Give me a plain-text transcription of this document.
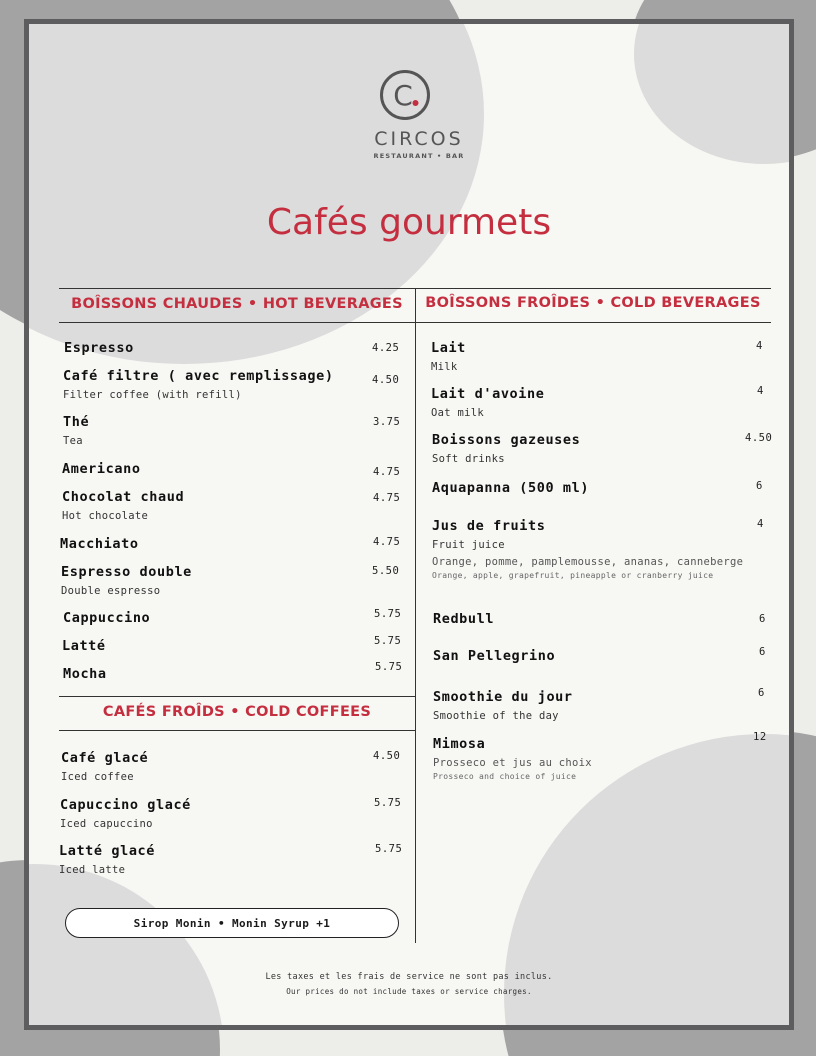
C
CIRCOS
RESTAURANT • BAR
Cafés gourmets
BOÎSSONS CHAUDES • HOT BEVERAGES	BOÎSSONS FROÎDES • COLD BEVERAGES
CAFÉS FROÎDS • COLD COFFEES
Espresso	4.25
Café filtre ( avec remplissage)
Filter coffee (with refill)
4.50
Thé
Tea
3.75
Americano	4.75
Chocolat chaud
Hot chocolate
4.75
Macchiato	4.75
Espresso double
Double espresso
5.50
Cappuccino	5.75
Latté	5.75
Mocha	5.75
Café glacé
Iced coffee
4.50
Capuccino glacé
Iced capuccino
5.75
Latté glacé
Iced latte
5.75
Sirop Monin • Monin Syrup +1
Lait
Milk
4
Lait d'avoine
Oat milk
4
Boissons gazeuses
Soft drinks
4.50
Aquapanna (500 ml)	6
Jus de fruits
Fruit juice
Orange, pomme, pamplemousse, ananas, canneberge
Orange, apple, grapefruit, pineapple or cranberry juice
4
Redbull	6
San Pellegrino	6
Smoothie du jour
Smoothie of the day
6
Mimosa
Prosseco et jus au choix
Prosseco and choice of juice
12
Les taxes et les frais de service ne sont pas inclus.
Our prices do not include taxes or service charges.
